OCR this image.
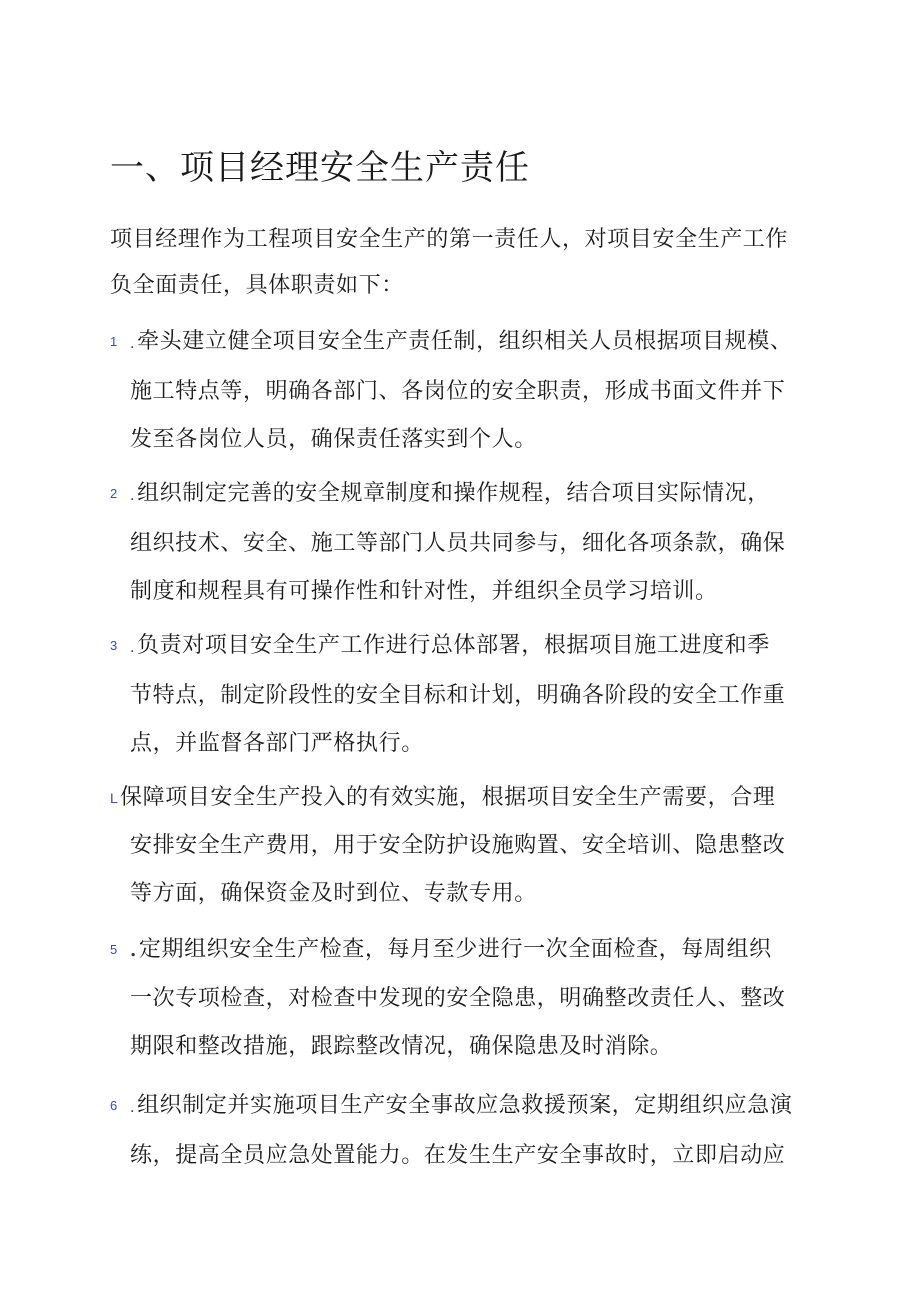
一、项目经理安全生产责任
项目经理作为工程项目安全生产的第一责任人，对项目安全生产工作
负全面责任，具体职责如下：
1 .牵头建立健全项目安全生产责任制，组织相关人员根据项目规模、
施工特点等，明确各部门、各岗位的安全职责，形成书面文件并下
发至各岗位人员，确保责任落实到个人。
2 .组织制定完善的安全规章制度和操作规程，结合项目实际情况，
组织技术、安全、施工等部门人员共同参与，细化各项条款，确保
制度和规程具有可操作性和针对性，并组织全员学习培训。
3 .负责对项目安全生产工作进行总体部署，根据项目施工进度和季
节特点，制定阶段性的安全目标和计划，明确各阶段的安全工作重
点，并监督各部门严格执行。
L保障项目安全生产投入的有效实施，根据项目安全生产需要，合理
安排安全生产费用，用于安全防护设施购置、安全培训、隐患整改
等方面，确保资金及时到位、专款专用。
5 .定期组织安全生产检查，每月至少进行一次全面检查，每周组织
一次专项检查，对检查中发现的安全隐患，明确整改责任人、整改
期限和整改措施，跟踪整改情况，确保隐患及时消除。
6 .组织制定并实施项目生产安全事故应急救援预案，定期组织应急演
练，提高全员应急处置能力。在发生生产安全事故时，立即启动应
